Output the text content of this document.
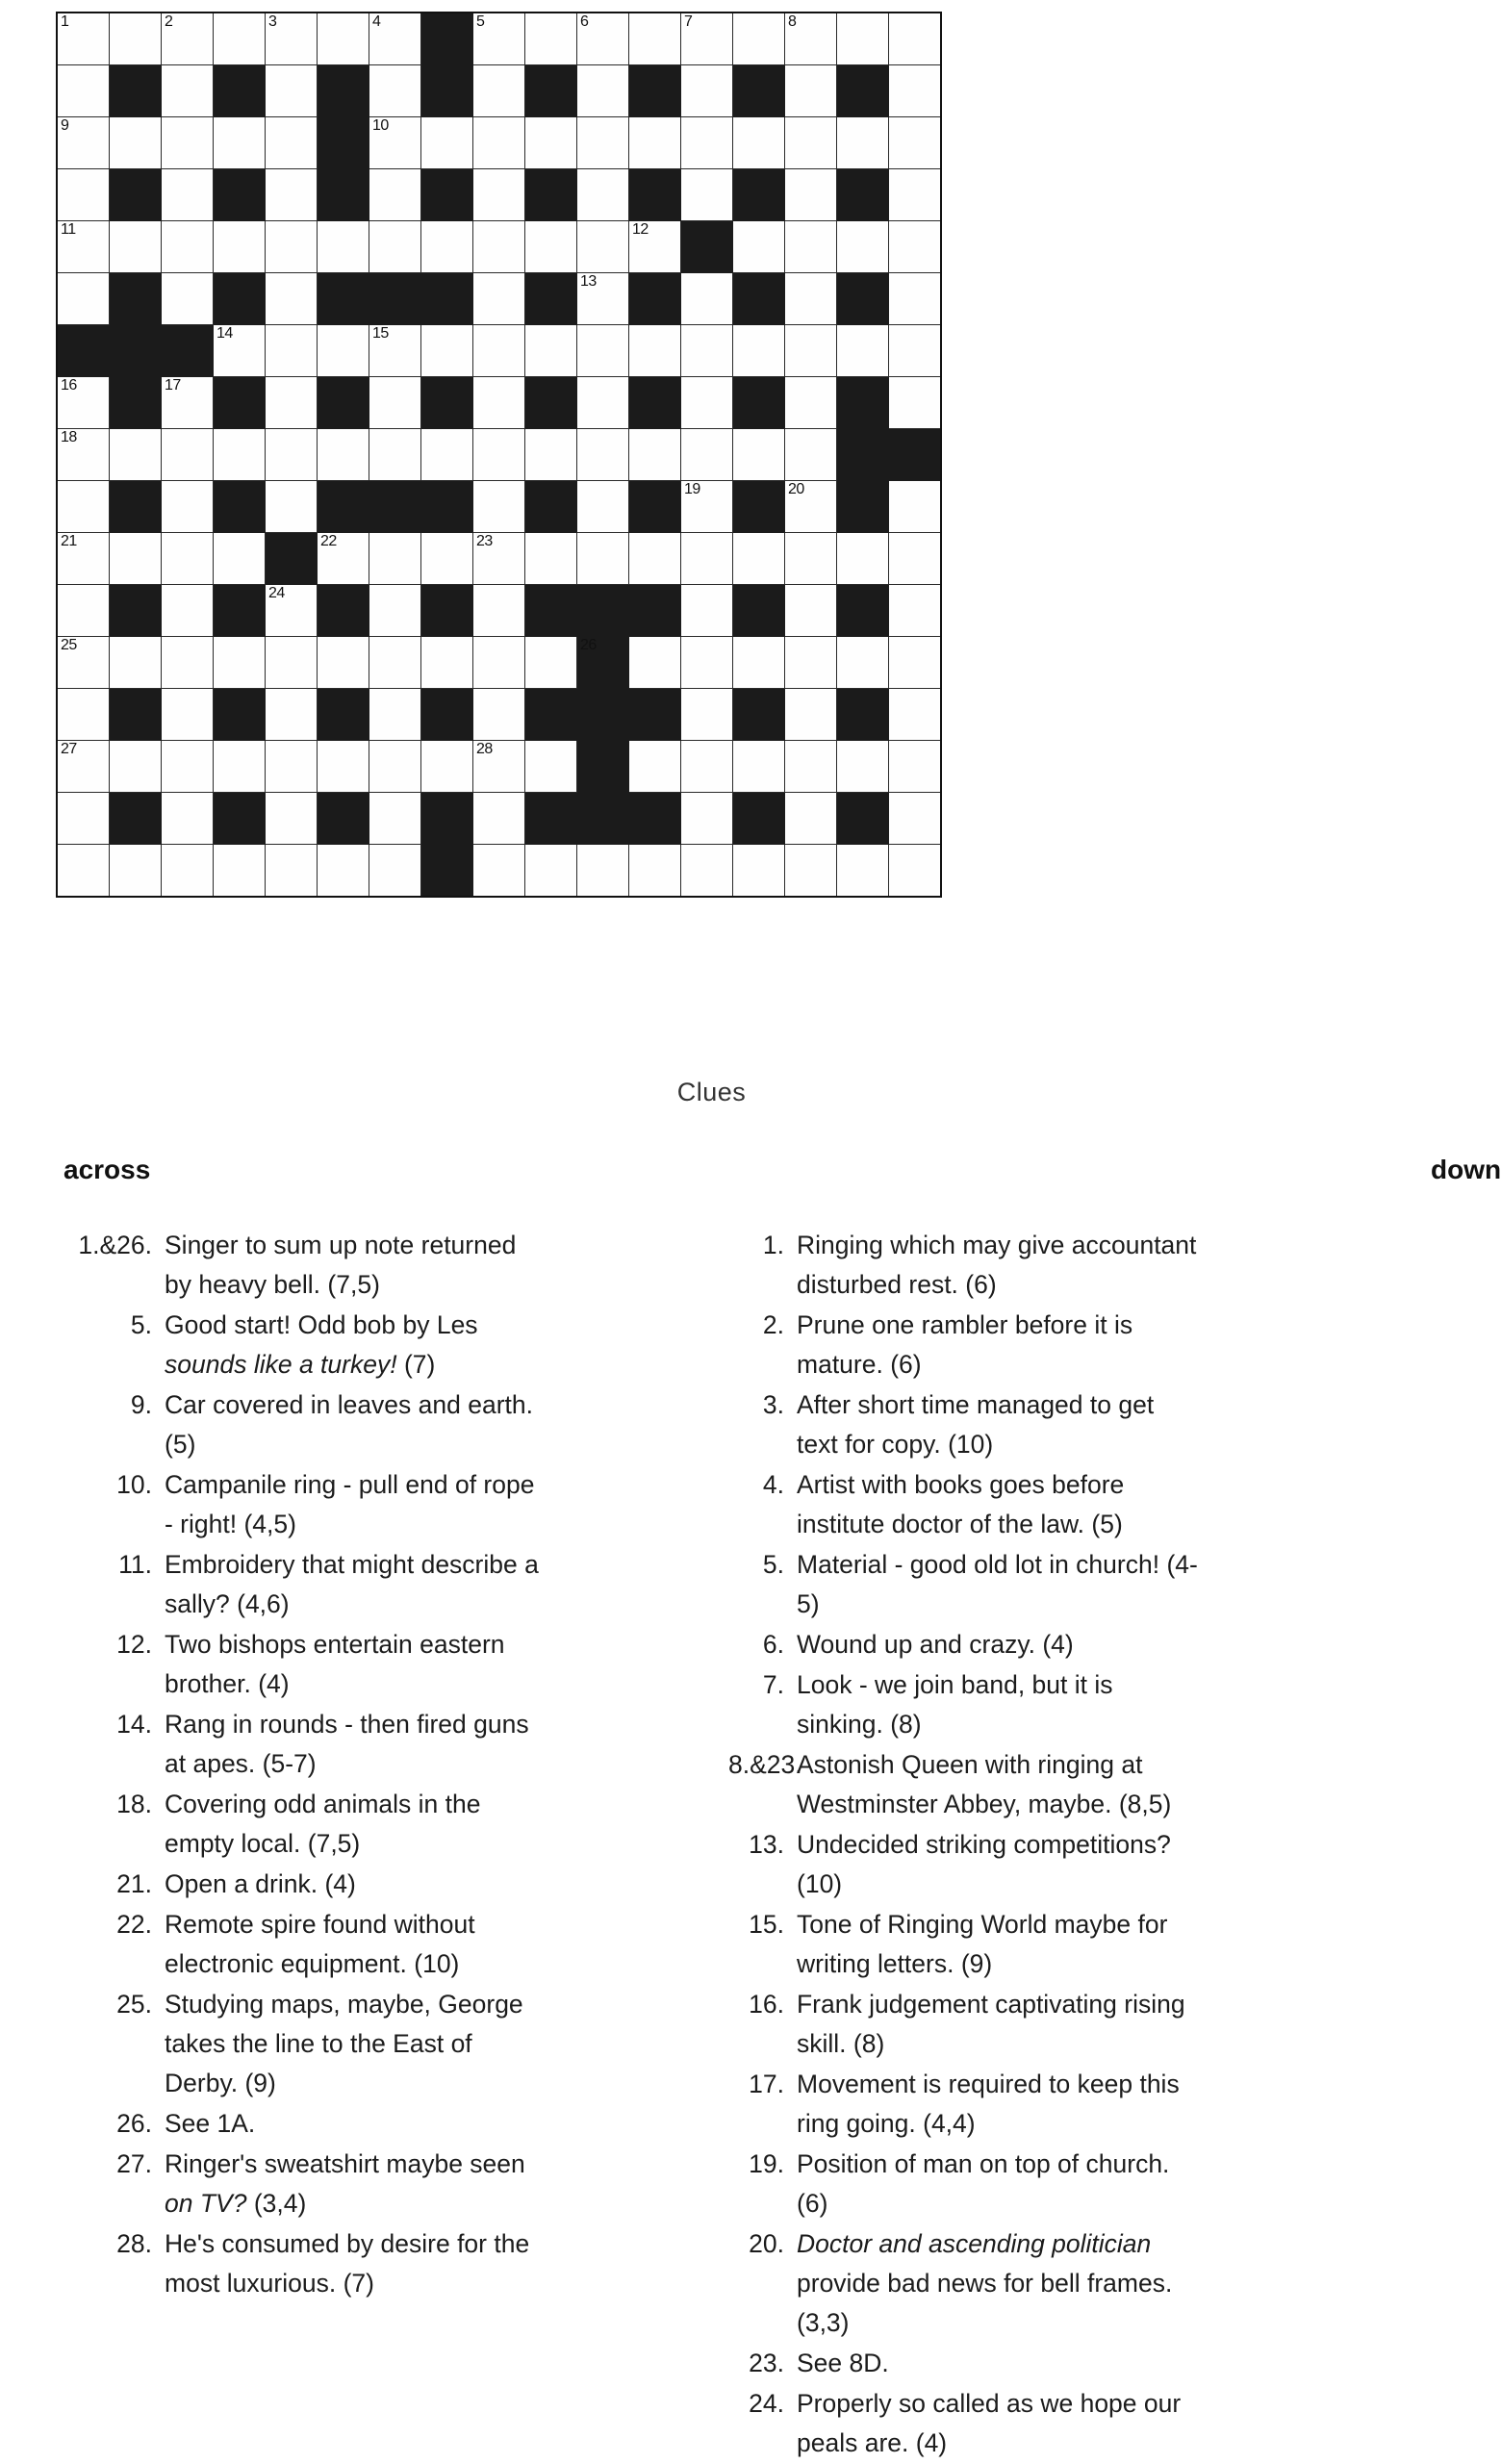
1		2		3		4		5		6		7		8		

9						10										

11											12					

										13						

			14			15										

16		17														

18																

												19		20		

21					22			23								

				24												

25										26						

27								28								

Clues
across
1.&26. Singer to sum up note returned by heavy bell. (7,5)
5. Good start! Odd bob by Les sounds like a turkey! (7)
9. Car covered in leaves and earth. (5)
10. Campanile ring - pull end of rope - right! (4,5)
11. Embroidery that might describe a sally? (4,6)
12. Two bishops entertain eastern brother. (4)
14. Rang in rounds - then fired guns at apes. (5-7)
18. Covering odd animals in the empty local. (7,5)
21. Open a drink. (4)
22. Remote spire found without electronic equipment. (10)
25. Studying maps, maybe, George takes the line to the East of Derby. (9)
26. See 1A.
27. Ringer's sweatshirt maybe seen on TV? (3,4)
28. He's consumed by desire for the most luxurious. (7)
down
1. Ringing which may give accountant disturbed rest. (6)
2. Prune one rambler before it is mature. (6)
3. After short time managed to get text for copy. (10)
4. Artist with books goes before institute doctor of the law. (5)
5. Material - good old lot in church! (4-5)
6. Wound up and crazy. (4)
7. Look - we join band, but it is sinking. (8)
8.&23.
Astonish Queen with ringing at Westminster Abbey, maybe. (8,5)
13. Undecided striking competitions? (10)
15. Tone of Ringing World maybe for writing letters. (9)
16. Frank judgement captivating rising skill. (8)
17. Movement is required to keep this ring going. (4,4)
19. Position of man on top of church. (6)
20. Doctor and ascending politician provide bad news for bell frames. (3,3)
23. See 8D.
24. Properly so called as we hope our peals are. (4)
